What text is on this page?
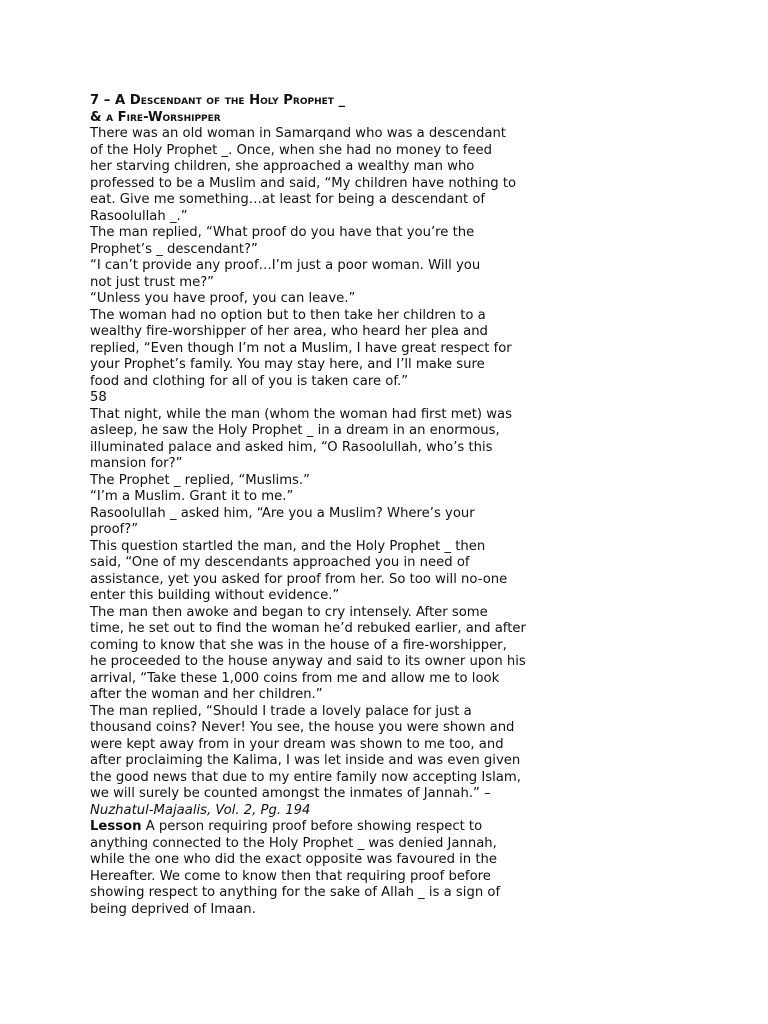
7 – A Descendant of the Holy Prophet _
& a Fire-Worshipper
There was an old woman in Samarqand who was a descendant
of the Holy Prophet _. Once, when she had no money to feed
her starving children, she approached a wealthy man who
professed to be a Muslim and said, “My children have nothing to
eat. Give me something…at least for being a descendant of
Rasoolullah _.”
The man replied, “What proof do you have that you’re the
Prophet’s _ descendant?”
“I can’t provide any proof…I’m just a poor woman. Will you
not just trust me?”
“Unless you have proof, you can leave.”
The woman had no option but to then take her children to a
wealthy fire-worshipper of her area, who heard her plea and
replied, “Even though I’m not a Muslim, I have great respect for
your Prophet’s family. You may stay here, and I’ll make sure
food and clothing for all of you is taken care of.”
58
That night, while the man (whom the woman had first met) was
asleep, he saw the Holy Prophet _ in a dream in an enormous,
illuminated palace and asked him, “O Rasoolullah, who’s this
mansion for?”
The Prophet _ replied, “Muslims.”
“I’m a Muslim. Grant it to me.”
Rasoolullah _ asked him, “Are you a Muslim? Where’s your
proof?”
This question startled the man, and the Holy Prophet _ then
said, “One of my descendants approached you in need of
assistance, yet you asked for proof from her. So too will no-one
enter this building without evidence.”
The man then awoke and began to cry intensely. After some
time, he set out to find the woman he’d rebuked earlier, and after
coming to know that she was in the house of a fire-worshipper,
he proceeded to the house anyway and said to its owner upon his
arrival, “Take these 1,000 coins from me and allow me to look
after the woman and her children.”
The man replied, “Should I trade a lovely palace for just a
thousand coins? Never! You see, the house you were shown and
were kept away from in your dream was shown to me too, and
after proclaiming the Kalima, I was let inside and was even given
the good news that due to my entire family now accepting Islam,
we will surely be counted amongst the inmates of Jannah.” –
Nuzhatul-Majaalis, Vol. 2, Pg. 194
Lesson A person requiring proof before showing respect to
anything connected to the Holy Prophet _ was denied Jannah,
while the one who did the exact opposite was favoured in the
Hereafter. We come to know then that requiring proof before
showing respect to anything for the sake of Allah _ is a sign of
being deprived of Imaan.
